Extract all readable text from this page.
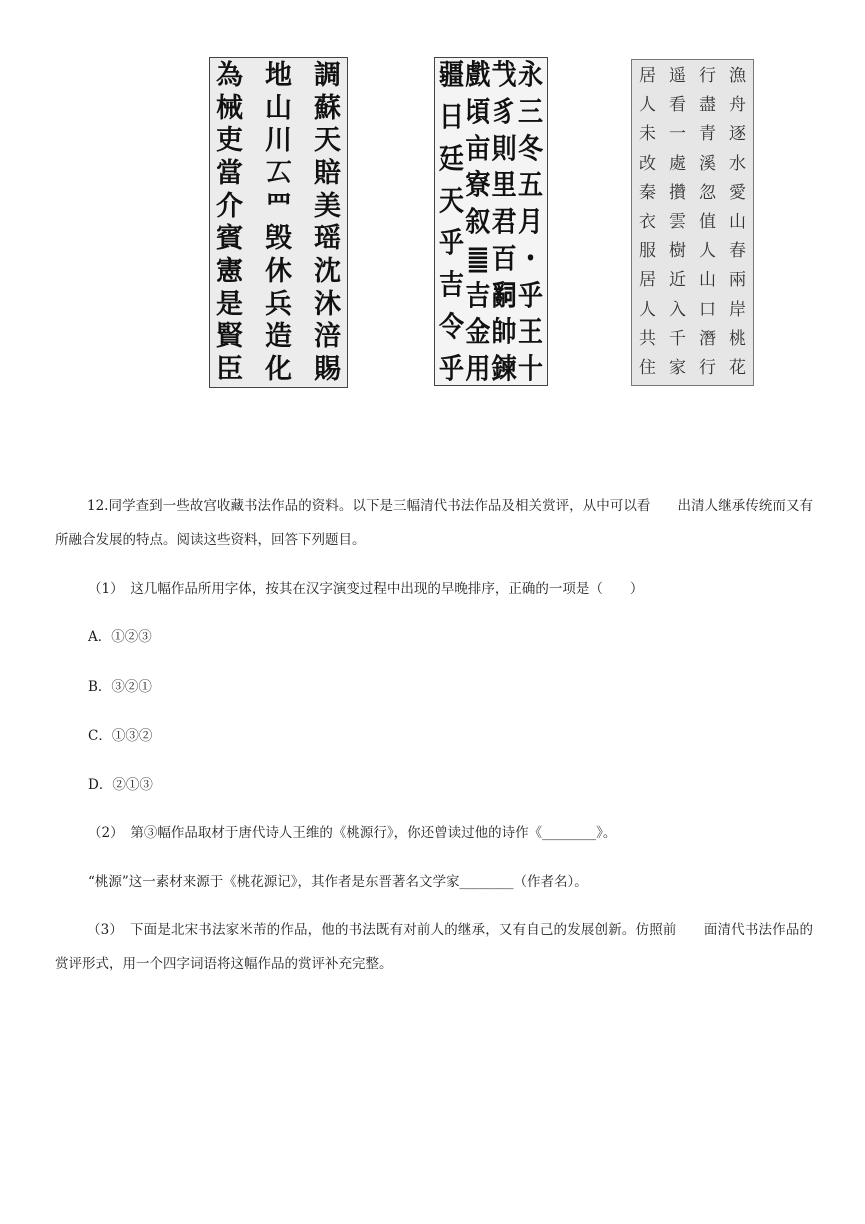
調
蘇
天
賠
美
瑶
沈
沐
涪
賜
地
山
川
𠫔
罒
毁
休
兵
造
化
為
械
吏
當
介
賓
憲
是
賢
臣
永
三
冬
五
月
・
乎
王
十
𢦏
豸
則
里
君
百
𤔲
帥
鍊
戲
頃
亩
寮
叙
䷀
吉
金
用
疆
日
廷
天
乎
吉
令
乎
漁
舟
逐
水
愛
山
春
兩
岸
桃
花
行
盡
青
溪
忽
值
人
山
口
潛
行
遥
看
一
處
攢
雲
樹
近
入
千
家
居
人
未
改
秦
衣
服
居
人
共
住

12.同学查到一些故宫收藏书法作品的资料。以下是三幅清代书法作品及相关赏评，从中可以看　　出清人继承传统而又有所融合发展的特点。阅读这些资料，回答下列题目。

（1）　这几幅作品所用字体，按其在汉字演变过程中出现的早晚排序，正确的一项是（　　）
A．①②③
B．③②①
C．①③②
D．②①③
（2）　第③幅作品取材于唐代诗人王维的《桃源行》，你还曾读过他的诗作《________》。
“桃源”这一素材来源于《桃花源记》，其作者是东晋著名文学家________（作者名）。

（3）　下面是北宋书法家米芾的作品，他的书法既有对前人的继承，又有自己的发展创新。仿照前　　面清代书法作品的赏评形式，用一个四字词语将这幅作品的赏评补充完整。
